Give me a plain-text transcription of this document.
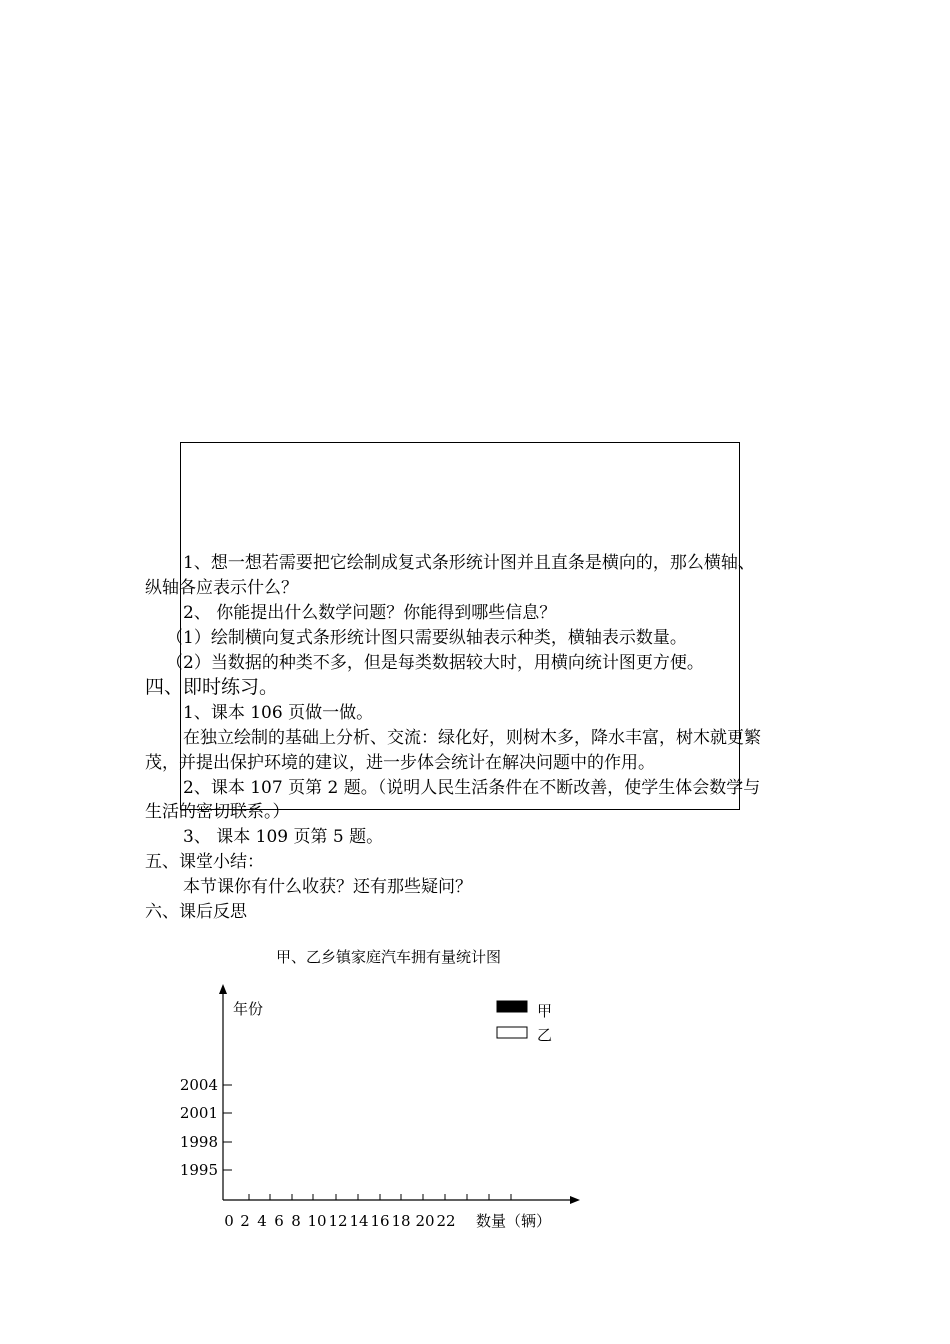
1、想一想若需要把它绘制成复式条形统计图并且直条是横向的，那么横轴、
纵轴各应表示什么？
2、 你能提出什么数学问题？你能得到哪些信息？
（1）绘制横向复式条形统计图只需要纵轴表示种类，横轴表示数量。
（2）当数据的种类不多，但是每类数据较大时，用横向统计图更方便。
四、即时练习。
1、课本 106 页做一做。
在独立绘制的基础上分析、交流：绿化好，则树木多，降水丰富，树木就更繁
茂，并提出保护环境的建议，进一步体会统计在解决问题中的作用。
2、课本 107 页第 2 题。（说明人民生活条件在不断改善，使学生体会数学与
生活的密切联系。）
3、 课本 109 页第 5 题。
五、课堂小结：
本节课你有什么收获？还有那些疑问？
六、课后反思
甲、乙乡镇家庭汽车拥有量统计图
年份
数量（辆）
甲
乙
1995
1998
2001
2004
0 2 4 6 8 10 12 14 16 18 20 22
